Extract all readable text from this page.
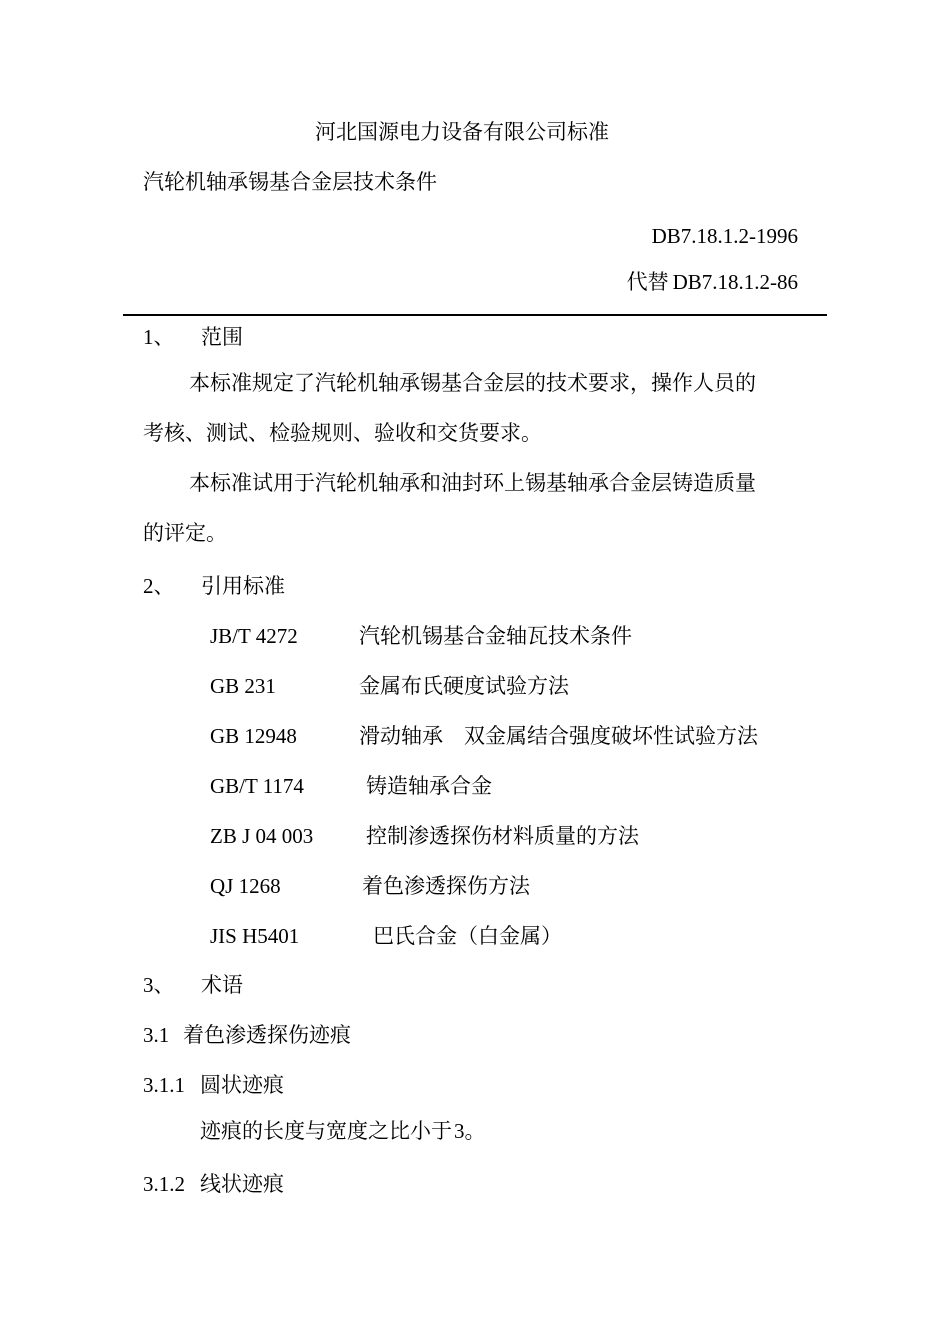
河北国源电力设备有限公司标准
汽轮机轴承锡基合金层技术条件
DB7.18.1.2-1996
代替 DB7.18.1.2-86
1、 范围
本标准规定了汽轮机轴承锡基合金层的技术要求，操作人员的
考核、测试、检验规则、验收和交货要求。
本标准试用于汽轮机轴承和油封环上锡基轴承合金层铸造质量
的评定。
2、 引用标准
JB/T 4272	汽轮机锡基合金轴瓦技术条件
GB 231	金属布氏硬度试验方法
GB 12948	滑动轴承　双金属结合强度破坏性试验方法
GB/T 1174	铸造轴承合金
ZB J 04 003	控制渗透探伤材料质量的方法
QJ 1268	着色渗透探伤方法
JIS H5401	巴氏合金（白金属）
3、 术语
3.1 着色渗透探伤迹痕
3.1.1 圆状迹痕
迹痕的长度与宽度之比小于3。
3.1.2 线状迹痕
